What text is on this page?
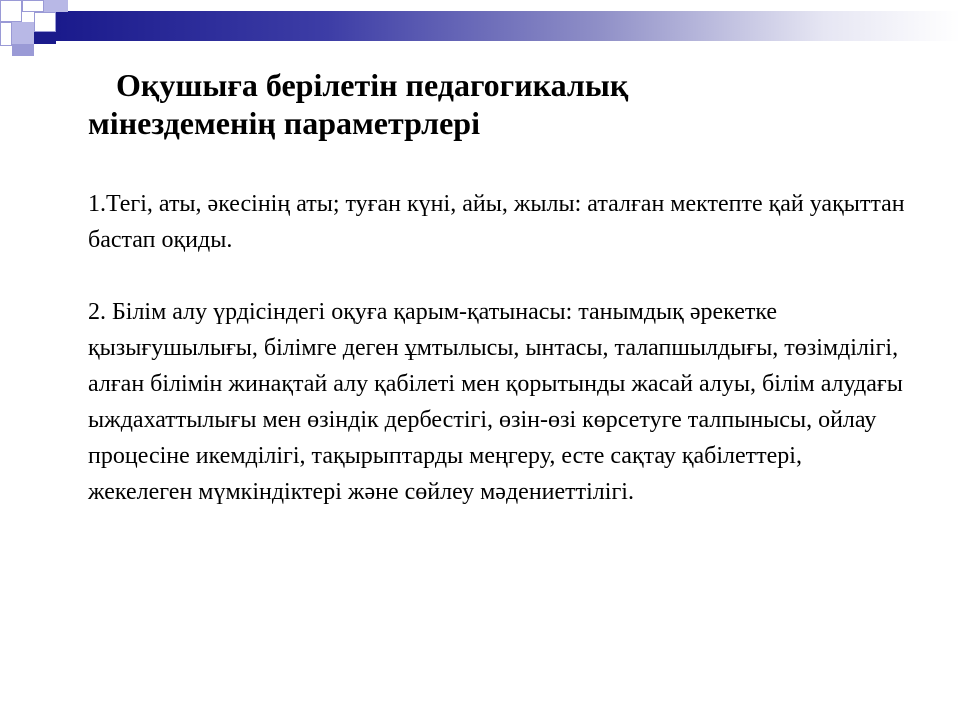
Оқушыға берілетін педагогикалық
мінездеменің параметрлері

1.Тегі, аты, әкесінің аты; туған күні, айы, жылы: аталған мектепте қай уақыттан бастап оқиды.

2. Білім алу үрдісіндегі оқуға қарым-қатынасы: танымдық әрекетке қызығушылығы, білімге деген ұмтылысы, ынтасы, талапшылдығы, төзімділігі, алған білімін жинақтай алу қабілеті мен қорытынды жасай алуы, білім алудағы ыждахаттылығы мен өзіндік дербестігі, өзін-өзі көрсетуге талпынысы, ойлау процесіне икемділігі, тақырыптарды меңгеру, есте сақтау қабілеттері, жекелеген мүмкіндіктері және сөйлеу мәдениеттілігі.
